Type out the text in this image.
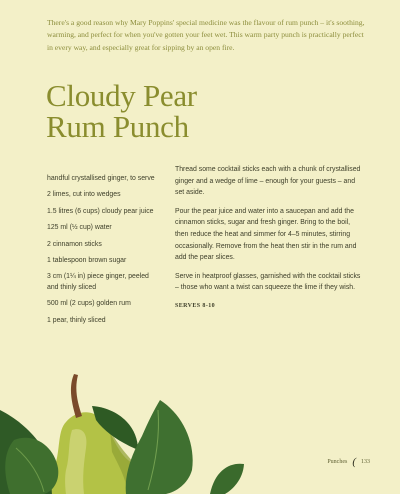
There's a good reason why Mary Poppins' special medicine was the flavour of rum punch – it's soothing, warming, and perfect for when you've gotten your feet wet. This warm party punch is practically perfect in every way, and especially great for sipping by an open fire.

Cloudy Pear
Rum Punch
handful crystallised ginger, to serve
2 limes, cut into wedges
1.5 litres (6 cups) cloudy pear juice
125 ml (½ cup) water
2 cinnamon sticks
1 tablespoon brown sugar
3 cm (1¼ in) piece ginger, peeled and thinly sliced
500 ml (2 cups) golden rum
1 pear, thinly sliced

Thread some cocktail sticks each with a chunk of crystallised ginger and a wedge of lime – enough for your guests – and set aside.

Pour the pear juice and water into a saucepan and add the cinnamon sticks, sugar and fresh ginger. Bring to the boil, then reduce the heat and simmer for 4–5 minutes, stirring occasionally. Remove from the heat then stir in the rum and add the pear slices.

Serve in heatproof glasses, garnished with the cocktail sticks – those who want a twist can squeeze the lime if they wish.

SERVES 8-10
Punches ( 133
